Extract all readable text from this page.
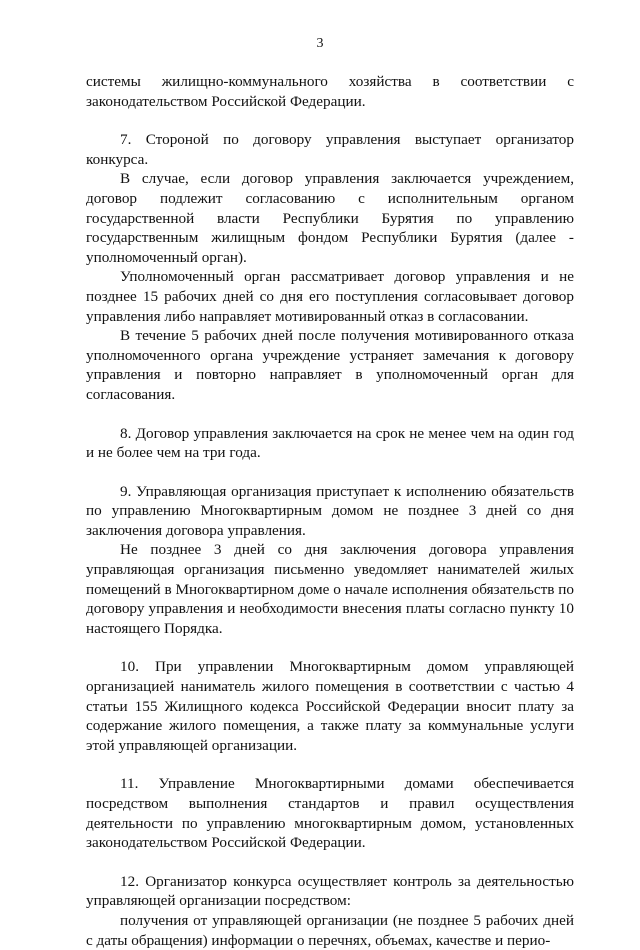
3

системы жилищно-коммунального хозяйства в соответствии с законодательством Российской Федерации.

7. Стороной по договору управления выступает организатор конкурса.

В случае, если договор управления заключается учреждением, договор подлежит согласованию с исполнительным органом государственной власти Республики Бурятия по управлению государственным жилищным фондом Республики Бурятия (далее - уполномоченный орган).

Уполномоченный орган рассматривает договор управления и не позднее 15 рабочих дней со дня его поступления согласовывает договор управления либо направляет мотивированный отказ в согласовании.

В течение 5 рабочих дней после получения мотивированного отказа уполномоченного органа учреждение устраняет замечания к договору управления и повторно направляет в уполномоченный орган для согласования.

8. Договор управления заключается на срок не менее чем на один год и не более чем на три года.

9. Управляющая организация приступает к исполнению обязательств по управлению Многоквартирным домом не позднее 3 дней со дня заключения договора управления.

Не позднее 3 дней со дня заключения договора управления управляющая организация письменно уведомляет нанимателей жилых помещений в Многоквартирном доме о начале исполнения обязательств по договору управления и необходимости внесения платы согласно пункту 10 настоящего Порядка.

10. При управлении Многоквартирным домом управляющей организацией наниматель жилого помещения в соответствии с частью 4 статьи 155 Жилищного кодекса Российской Федерации вносит плату за содержание жилого помещения, а также плату за коммунальные услуги этой управляющей организации.

11. Управление Многоквартирными домами обеспечивается посредством выполнения стандартов и правил осуществления деятельности по управлению многоквартирным домом, установленных законодательством Российской Федерации.

12. Организатор конкурса осуществляет контроль за деятельностью управляющей организации посредством:

получения от управляющей организации (не позднее 5 рабочих дней с даты обращения) информации о перечнях, объемах, качестве и перио-
